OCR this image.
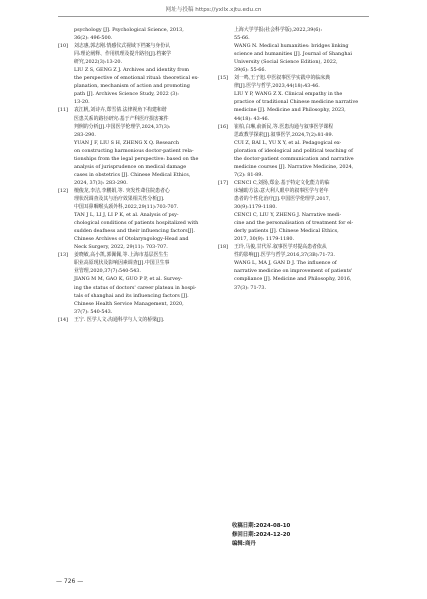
网址与投稿 https://yxllx.xjtu.edu.cn
psychology [J]. Psychological Science, 2013,
36(2): 496-500.
[10]	刘志惠,郭志刚.情感仪式视域下档案与身份认
同:理论阐释、作用机理及提升路径[J].档案学
研究,2022(3):13-20.
LIU Z S, GENG Z J. Archives and identity from
the perspective of emotional ritual: theoretical ex-
planation, mechanism of action and promoting
path [J]. Archives Science Study, 2022 (3):
13-20.
[11]	袁江帆,刘诗卉,郑雪倩.法律视角下构建和谐
医患关系的路径研究:基于产科医疗损害案件
判例的分析[J].中国医学伦理学,2024,37(3):
283-290.
YUAN J F, LIU S H, ZHENG X Q. Research
on constructing harmonious doctor-patient rela-
tionships from the legal perspective: based on the
analysis of jurisprudence on medical damage
cases in obstetrics [J]. Chinese Medical Ethics,
2024, 37(3): 283-290.
[12]	檀俊龙,李洁,李鹏娟,等. 突发性聋住院患者心
理状况调查及其与治疗效果相关性分析[J].
中国耳鼻咽喉头颈外科,2022,29(11):703-707.
TAN J L, LI J, LI P K, et al. Analysis of psy-
chological conditions of patients hospitalized with
sudden deafness and their influencing factors[J].
Chinese Archives of Otolaryngology-Head and
Neck Surgery, 2022, 29(11): 703-707.
[13]	姜晓敏,高小凯,郭佩佩,等.上海市基层医生生
职业高原现状及影响因素调查[J].中国卫生事
业管理,2020,37(7):540-543.
JIANG M M, GAO K, GUO P P, et al. Survey-
ing the status of doctors' career plateau in hospi-
tals of shanghai and its influencing factors [J].
Chinese Health Service Management, 2020,
37(7): 540-543.
[14]	王宁. 医学人文:沟通科学与人文的桥梁[J].
上海大学学报(社会科学版),2022,39(6):
55-66.
WANG N. Medical humanities: bridges linking
science and humanities [J]. Journal of Shanghai
University (Social Science Edition), 2022,
39(6): 55-66.
[15]	刘一鸣,王子旭.中医叙事医学实践中的临床典
律[J].医学与哲学,2023,44(18):43-46.
LIU Y P, WANG Z X. Clinical empathy in the
practice of traditional Chinese medicine narrative
medicine [J]. Medicine and Philosophy, 2023,
44(18): 43-46.
[16]	崔柏,白琳,俞新民,等.医患沟通与叙事医学课程
思政教学探索[J].叙事医学,2024,7(2):81-89.
CUI Z, BAI L, YU X Y, et al. Pedagogical ex-
ploration of ideological and political teaching of
the doctor-patient communication and narrative
medicine courses [J]. Narrative Medicine, 2024,
7(2): 81-89.
[17]	CENCI C,刘扬,郑金.基于特定文化能力的临
床辅助方法:意大利人眼中的叙事医学与老年
患者的个性化治疗[J].中国医学伦理学,2017,
30(9):1179-1180.
CENCI C, LIU Y, ZHENG J. Narrative medi-
cine and the personalisation of treatment for el-
derly patients [J]. Chinese Medical Ethics,
2017, 30(9): 1179-1180.
[18]	王玲,马俊,甘代军.叙事医学对提高患者依从
性的影响[J].医学与哲学,2016,37(3B):71-73.
WANG L, MA J, GAN D J. The influence of
narrative medicine on improvement of patients'
compliance [J]. Medicine and Philosophy, 2016,
37(3): 71-73.
收稿日期:2024-08-10
修回日期:2024-12-20
编辑:商丹
— 726 —
